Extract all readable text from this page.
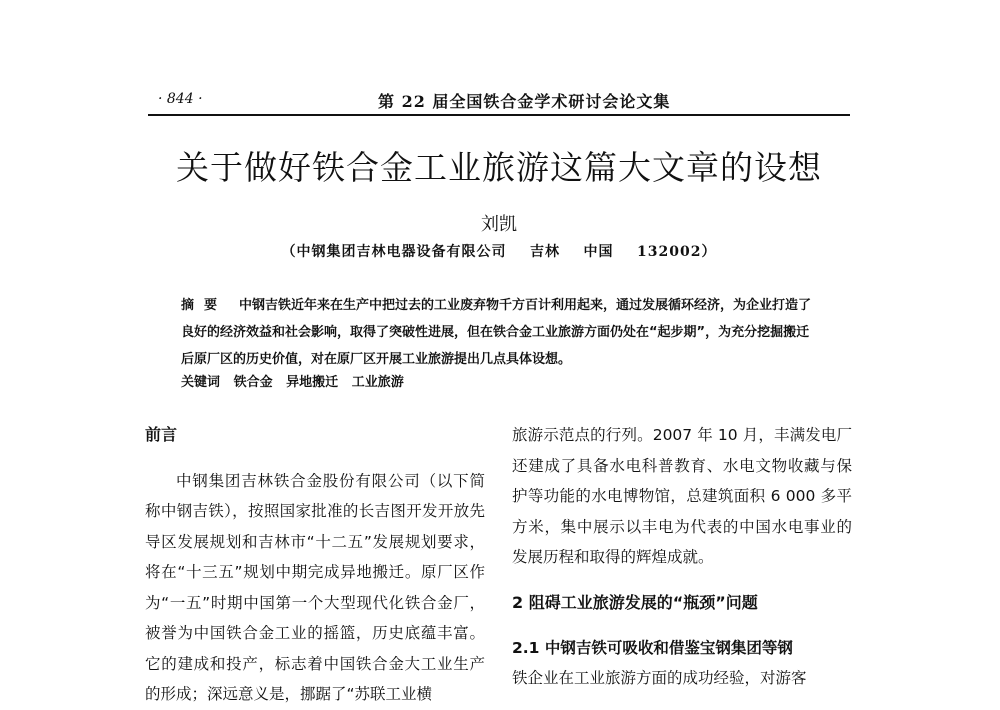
· 844 ·	第 22 届全国铁合金学术研讨会论文集
关于做好铁合金工业旅游这篇大文章的设想
刘凯
（中钢集团吉林电器设备有限公司    吉林    中国    132002）
摘要 中钢吉铁近年来在生产中把过去的工业废弃物千方百计利用起来，通过发展循环经济，为企业打造了良好的经济效益和社会影响，取得了突破性进展，但在铁合金工业旅游方面仍处在“起步期”，为充分挖掘搬迁后原厂区的历史价值，对在原厂区开展工业旅游提出几点具体设想。
关键词   铁合金   异地搬迁   工业旅游
前言

中钢集团吉林铁合金股份有限公司（以下简称中钢吉铁），按照国家批准的长吉图开发开放先导区发展规划和吉林市“十二五”发展规划要求，将在“十三五”规划中期完成异地搬迁。原厂区作为“一五”时期中国第一个大型现代化铁合金厂，被誉为中国铁合金工业的摇篮，历史底蕴丰富。它的建成和投产，标志着中国铁合金大工业生产的形成；深远意义是，挪踞了“苏联工业横

旅游示范点的行列。2007 年 10 月，丰满发电厂还建成了具备水电科普教育、水电文物收藏与保护等功能的水电博物馆，总建筑面积 6 000 多平方米，集中展示以丰电为代表的中国水电事业的发展历程和取得的辉煌成就。

2 阻碍工业旅游发展的“瓶颈”问题
2.1 中钢吉铁可吸收和借鉴宝钢集团等钢
铁企业在工业旅游方面的成功经验，对游客
